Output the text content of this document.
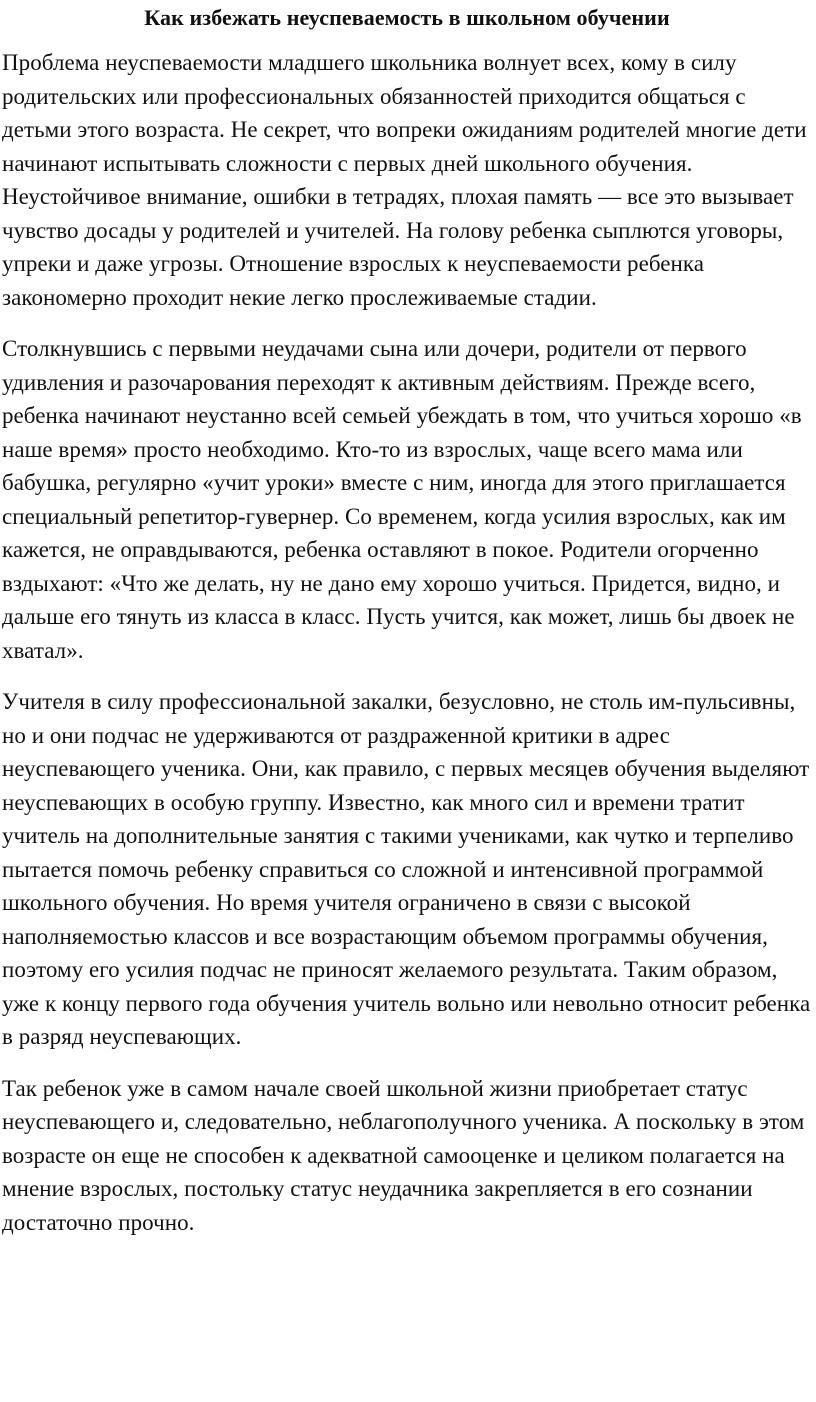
Как избежать неуспеваемость в школьном обучении

Проблема неуспеваемости младшего школьника волнует всех, кому в силу родительских или профессиональных обязанностей приходится общаться с детьми этого возраста. Не секрет, что вопреки ожиданиям родителей многие дети начинают испытывать сложности с первых дней школьного обучения. Неустойчивое внимание, ошибки в тетрадях, плохая память — все это вызывает чувство досады у родителей и учителей. На голову ребенка сыплются уговоры, упреки и даже угрозы. Отношение взрослых к неуспеваемости ребенка закономерно проходит некие легко прослеживаемые стадии.

Столкнувшись с первыми неудачами сына или дочери, родители от первого удивления и разочарования переходят к активным действиям. Прежде всего, ребенка начинают неустанно всей семьей убеждать в том, что учиться хорошо «в наше время» просто необходимо. Кто-то из взрослых, чаще всего мама или бабушка, регулярно «учит уроки» вместе с ним, иногда для этого приглашается специальный репетитор-гувернер. Со временем, когда усилия взрослых, как им кажется, не оправдываются, ребенка оставляют в покое. Родители огорченно вздыхают: «Что же делать, ну не дано ему хорошо учиться. Придется, видно, и дальше его тянуть из класса в класс. Пусть учится, как может, лишь бы двоек не хватал».

Учителя в силу профессиональной закалки, безусловно, не столь им-пульсивны, но и они подчас не удерживаются от раздраженной критики в адрес неуспевающего ученика. Они, как правило, с первых месяцев обучения выделяют неуспевающих в особую группу. Известно, как много сил и времени тратит учитель на дополнительные занятия с такими учениками, как чутко и терпеливо пытается помочь ребенку справиться со сложной и интенсивной программой школьного обучения. Но время учителя ограничено в связи с высокой наполняемостью классов и все возрастающим объемом программы обучения, поэтому его усилия подчас не приносят желаемого результата. Таким образом, уже к концу первого года обучения учитель вольно или невольно относит ребенка в разряд неуспевающих.

Так ребенок уже в самом начале своей школьной жизни приобретает статус неуспевающего и, следовательно, неблагополучного ученика. А поскольку в этом возрасте он еще не способен к адекватной самооценке и целиком полагается на мнение взрослых, постольку статус неудачника закрепляется в его сознании достаточно прочно.
